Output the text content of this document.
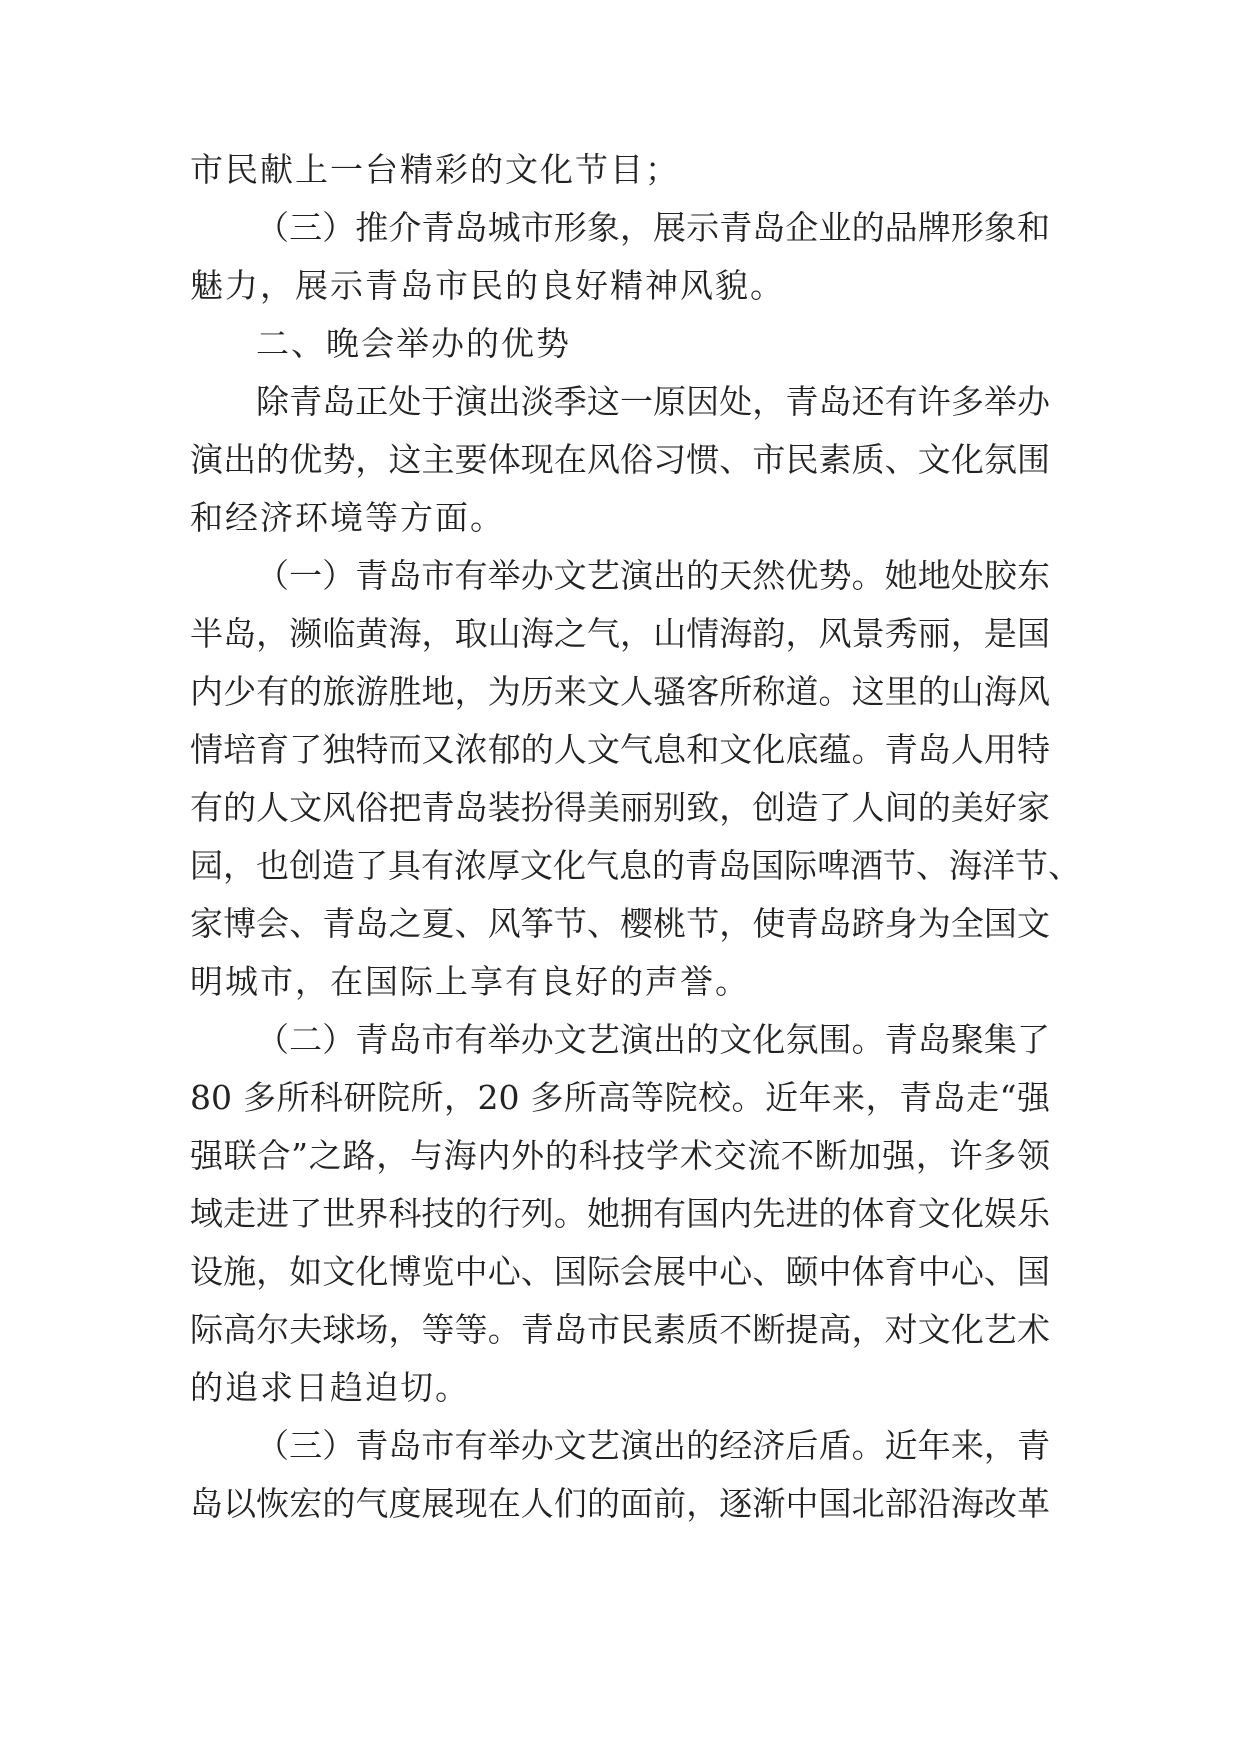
市民献上一台精彩的文化节目；
（三）推介青岛城市形象，展示青岛企业的品牌形象和
魅力，展示青岛市民的良好精神风貌。
二、晚会举办的优势
除青岛正处于演出淡季这一原因处，青岛还有许多举办
演出的优势，这主要体现在风俗习惯、市民素质、文化氛围
和经济环境等方面。
（一）青岛市有举办文艺演出的天然优势。她地处胶东
半岛，濒临黄海，取山海之气，山情海韵，风景秀丽，是国
内少有的旅游胜地，为历来文人骚客所称道。这里的山海风
情培育了独特而又浓郁的人文气息和文化底蕴。青岛人用特
有的人文风俗把青岛装扮得美丽别致，创造了人间的美好家
园，也创造了具有浓厚文化气息的青岛国际啤酒节、海洋节、
家博会、青岛之夏、风筝节、樱桃节，使青岛跻身为全国文
明城市，在国际上享有良好的声誉。
（二）青岛市有举办文艺演出的文化氛围。青岛聚集了
80 多所科研院所，20 多所高等院校。近年来，青岛走“强
强联合”之路，与海内外的科技学术交流不断加强，许多领
域走进了世界科技的行列。她拥有国内先进的体育文化娱乐
设施，如文化博览中心、国际会展中心、颐中体育中心、国
际高尔夫球场，等等。青岛市民素质不断提高，对文化艺术
的追求日趋迫切。
（三）青岛市有举办文艺演出的经济后盾。近年来，青
岛以恢宏的气度展现在人们的面前，逐渐中国北部沿海改革
